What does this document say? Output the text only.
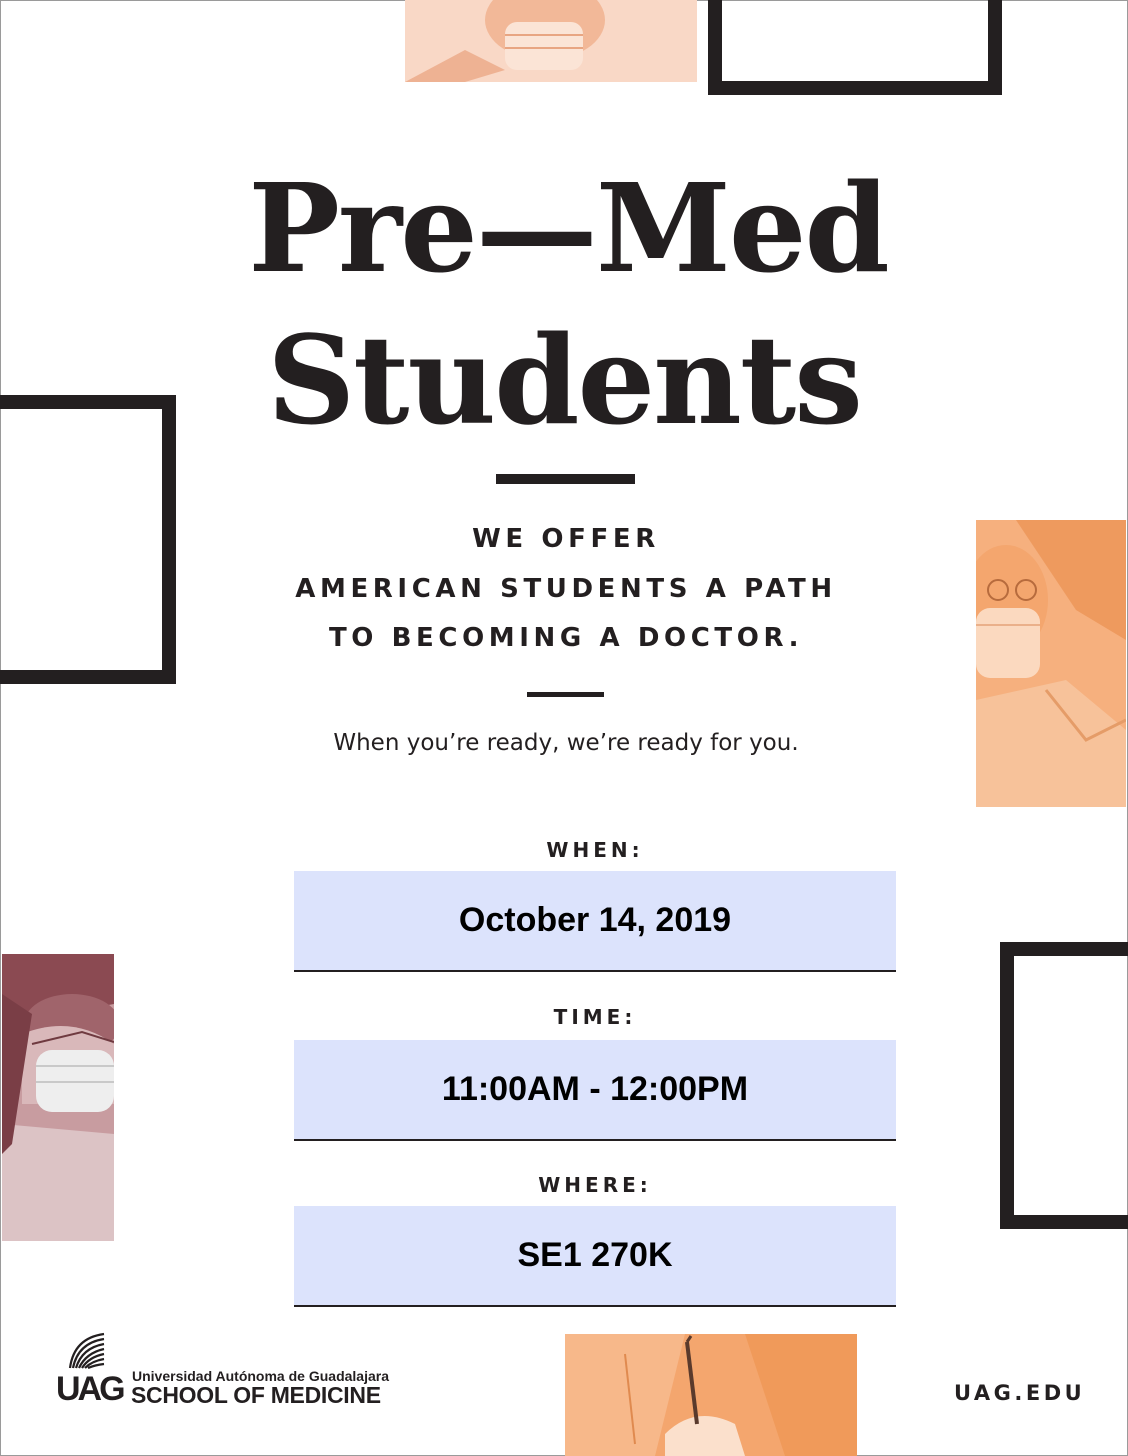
Pre—Med
Students
WE OFFER
AMERICAN STUDENTS A PATH
TO BECOMING A DOCTOR.
When you’re ready, we’re ready for you.
WHEN:
October 14, 2019
TIME:
11:00AM - 12:00PM
WHERE:
SE1 270K
UAG Universidad Autónoma de Guadalajara
SCHOOL OF MEDICINE	UAG.EDU
